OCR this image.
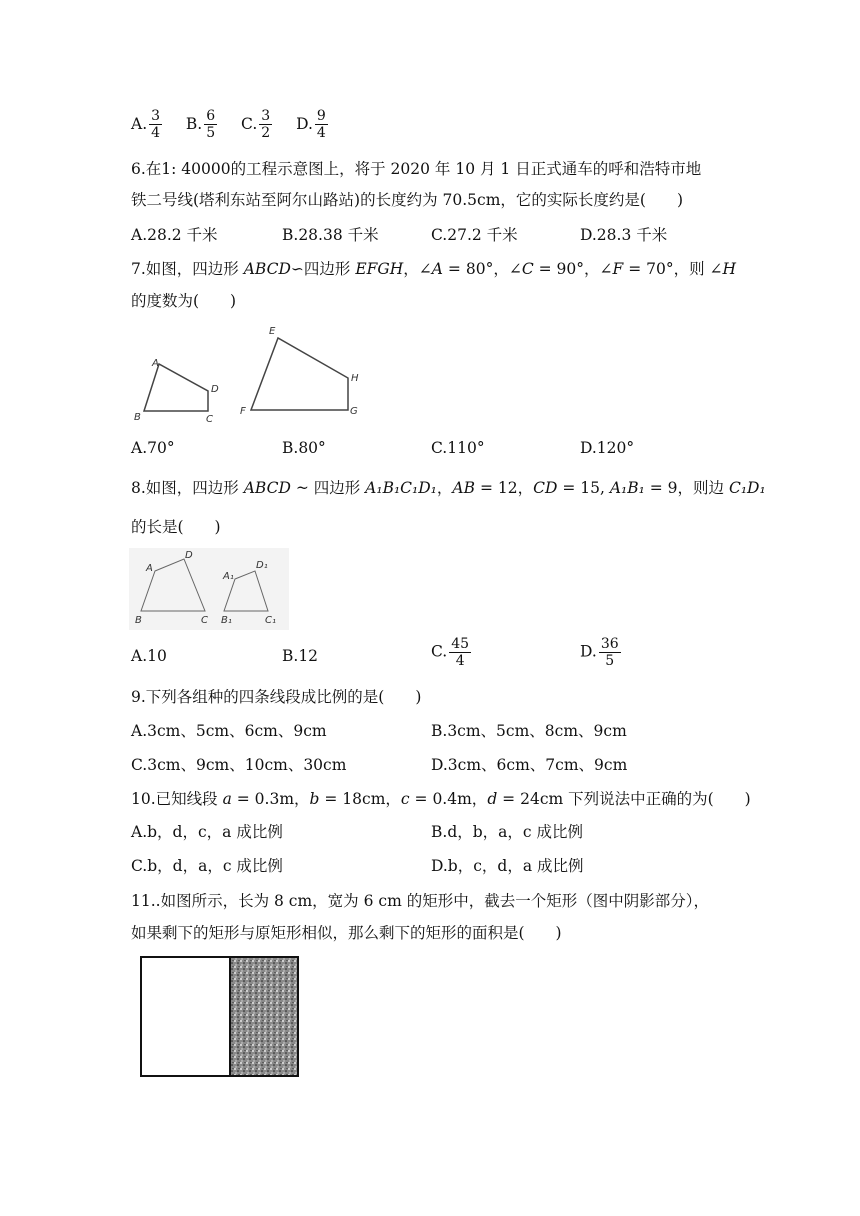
A. $\frac{3}{4} B$. $\frac{6}{5} C$. $\frac{3}{2} D$. $\frac{9}{4}$
6.在1: 40000的工程示意图上，将于 2020 年 10 月 1 日正式通车的呼和浩特市地
铁二号线(塔利东站至阿尔山路站)的长度约为 70.5cm，它的实际长度约是(　　)
A.28.2 千米	B.28.38 千米	C.27.2 千米	D.28.3 千米
7.如图，四边形 ABCD∽四边形 EFGH，∠A = 80°，∠C = 90°，∠F = 70°，则 ∠H
的度数为(　　)
A
B	C
D
E
F	G
H
A.70°	B.80°	C.110°	D.120°
8.如图，四边形 ABCD ~ 四边形 A₁B₁C₁D₁，AB = 12，CD = 15, A₁B₁ = 9，则边 C₁D₁
的长是(　　)
A
B	C
D
A₁
B₁	C₁
D₁
A.10	B.12	C. $\frac{45}{4}$	D. $\frac{36}{5}$
9.下列各组种的四条线段成比例的是(　　)
A.3cm、5cm、6cm、9cm	B.3cm、5cm、8cm、9cm
C.3cm、9cm、10cm、30cm	D.3cm、6cm、7cm、9cm
10.已知线段 a = 0.3m，b = 18cm，c = 0.4m，d = 24cm 下列说法中正确的为(　　)
A.b，d，c，a 成比例	B.d，b，a，c 成比例
C.b，d，a，c 成比例	D.b，c，d，a 成比例
11..如图所示，长为 8 cm，宽为 6 cm 的矩形中，截去一个矩形（图中阴影部分），
如果剩下的矩形与原矩形相似，那么剩下的矩形的面积是(　　)
